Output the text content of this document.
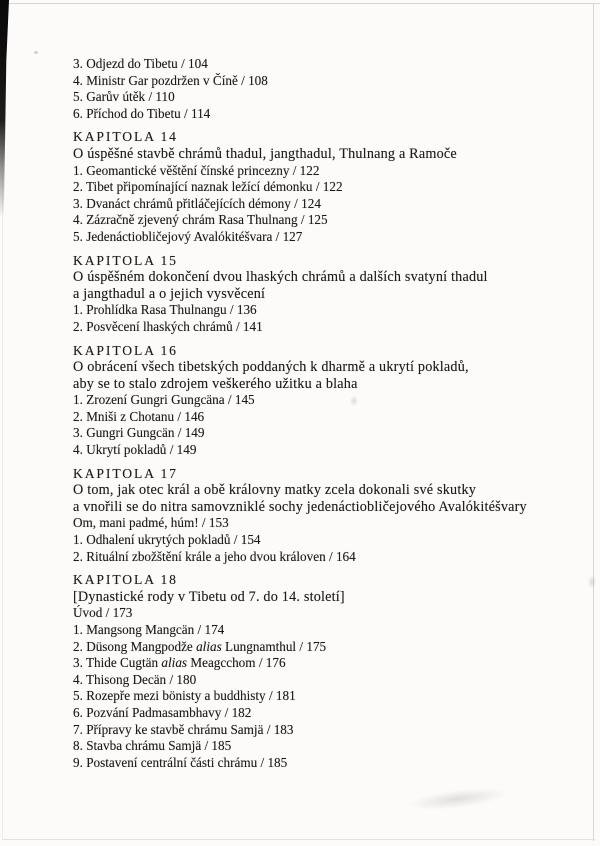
3. Odjezd do Tibetu / 104
4. Ministr Gar pozdržen v Číně / 108
5. Garův útěk / 110
6. Příchod do Tibetu / 114
KAPITOLA 14
O úspěšné stavbě chrámů thadul, jangthadul, Thulnang a Ramoče
1. Geomantické věštění čínské princezny / 122
2. Tibet připomínající naznak ležící démonku / 122
3. Dvanáct chrámů přitláčejících démony / 124
4. Zázračně zjevený chrám Rasa Thulnang / 125
5. Jedenáctiobličejový Avalókitéšvara / 127
KAPITOLA 15
O úspěšném dokončení dvou lhaských chrámů a dalších svatyní thadul
a jangthadul a o jejich vysvěcení
1. Prohlídka Rasa Thulnangu / 136
2. Posvěcení lhaských chrámů / 141
KAPITOLA 16
O obrácení všech tibetských poddaných k dharmě a ukrytí pokladů,
aby se to stalo zdrojem veškerého užitku a blaha
1. Zrození Gungri Gungcäna / 145
2. Mniši z Chotanu / 146
3. Gungri Gungcän / 149
4. Ukrytí pokladů / 149
KAPITOLA 17
O tom, jak otec král a obě královny matky zcela dokonali své skutky
a vnořili se do nitra samovzniklé sochy jedenáctiobličejového Avalókitéšvary
Om, mani padmé, húm! / 153
1. Odhalení ukrytých pokladů / 154
2. Rituální zbožštění krále a jeho dvou královen / 164
KAPITOLA 18
[Dynastické rody v Tibetu od 7. do 14. století]
Úvod / 173
1. Mangsong Mangcän / 174
2. Düsong Mangpodže alias Lungnamthul / 175
3. Thide Cugtän alias Meagcchom / 176
4. Thisong Decän / 180
5. Rozepře mezi bönisty a buddhisty / 181
6. Pozvání Padmasambhavy / 182
7. Přípravy ke stavbě chrámu Samjä / 183
8. Stavba chrámu Samjä / 185
9. Postavení centrální části chrámu / 185
